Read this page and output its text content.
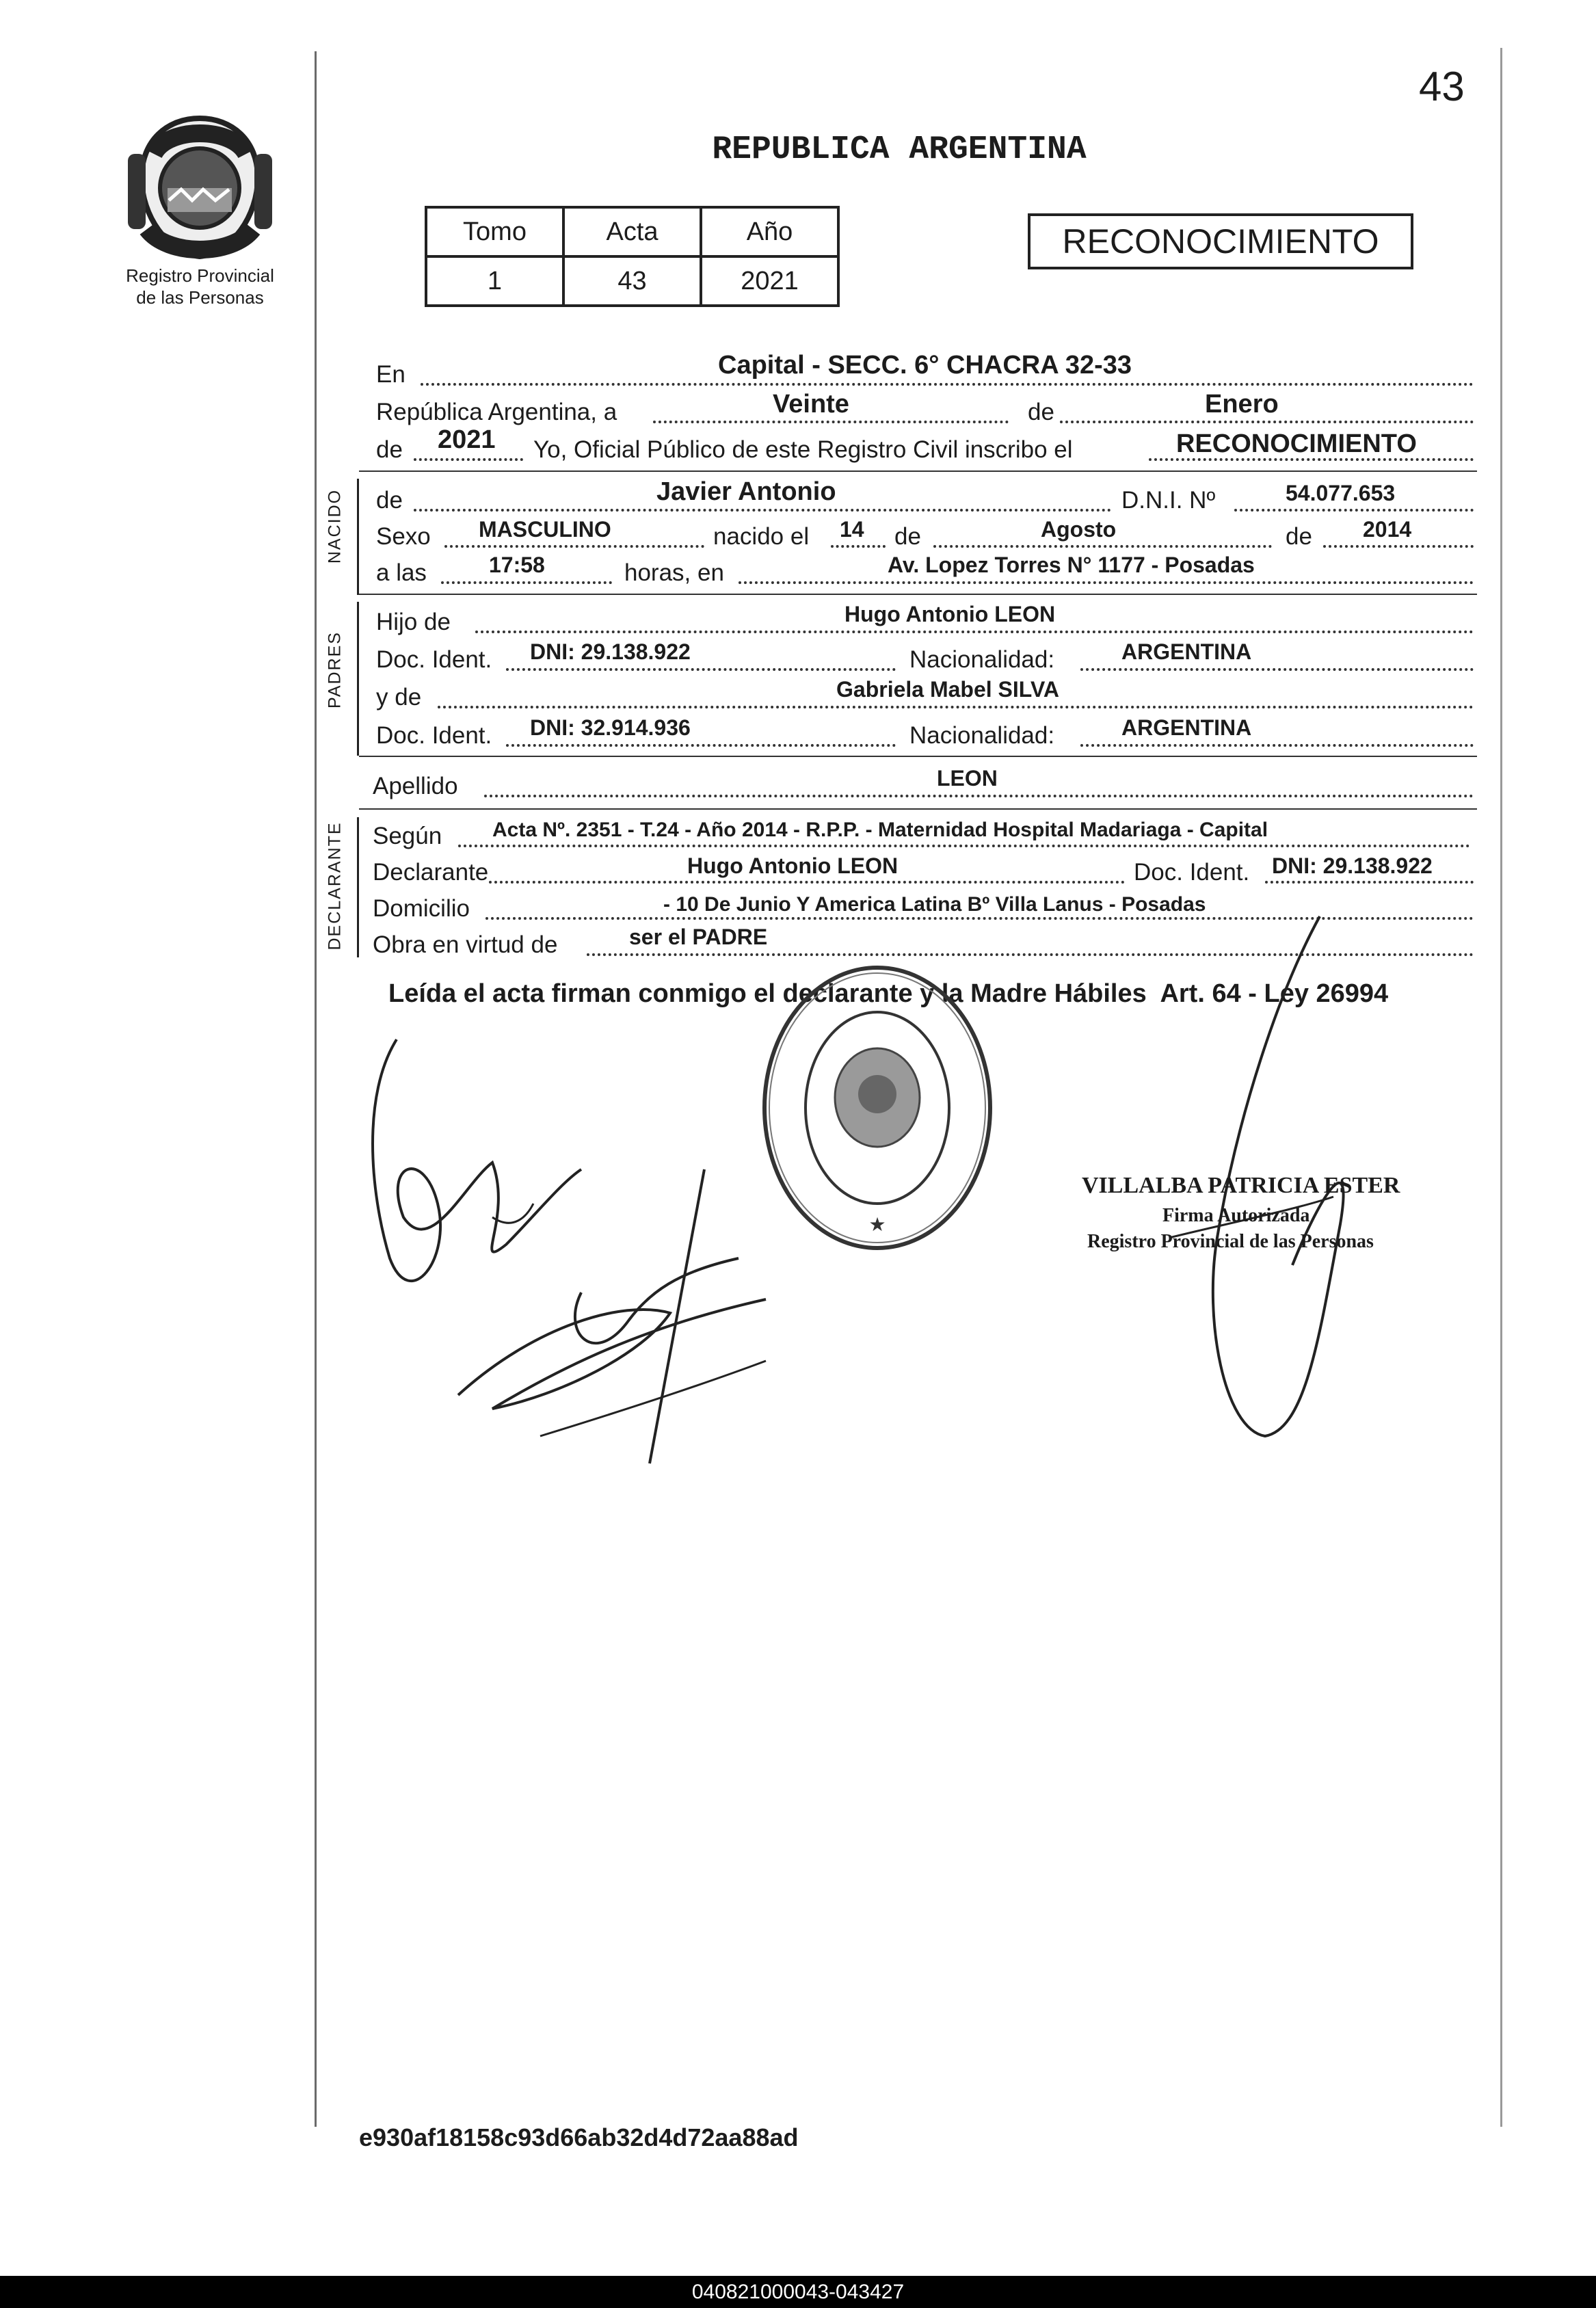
43
Registro Provincial
de las Personas
REPUBLICA ARGENTINA
Tomo	Acta	Año
1	43	2021
RECONOCIMIENTO
En	Capital - SECC. 6° CHACRA 32-33
República Argentina, a	Veinte	de	Enero
de 2021 Yo, Oficial Público de este Registro Civil inscribo el	RECONOCIMIENTO
NACIDO de	Javier Antonio	D.N.I. Nº	54.077.653
Sexo MASCULINO	nacido el 14 de	Agosto	de 2014
a las	17:58	horas, en	Av. Lopez Torres N° 1177 - Posadas
PADRES
Hijo de	Hugo Antonio LEON
Doc. Ident. DNI: 29.138.922	Nacionalidad:	ARGENTINA
y de	Gabriela Mabel SILVA
Doc. Ident. DNI: 32.914.936	Nacionalidad:	ARGENTINA
Apellido	LEON
DECLARANTE Según Acta Nº. 2351 - T.24 - Año 2014 - R.P.P. - Maternidad Hospital Madariaga - Capital
Declarante	Hugo Antonio LEON	Doc. Ident. DNI: 29.138.922
Domicilio	- 10 De Junio Y America Latina Bº Villa Lanus - Posadas
Obra en virtud de	ser el PADRE
Leída el acta firman conmigo el declarante y la Madre Hábiles  Art. 64 - Ley 26994
★
VILLALBA PATRICIA ESTER
Firma Autorizada
Registro Provincial de las Personas
e930af18158c93d66ab32d4d72aa88ad
040821000043-043427
